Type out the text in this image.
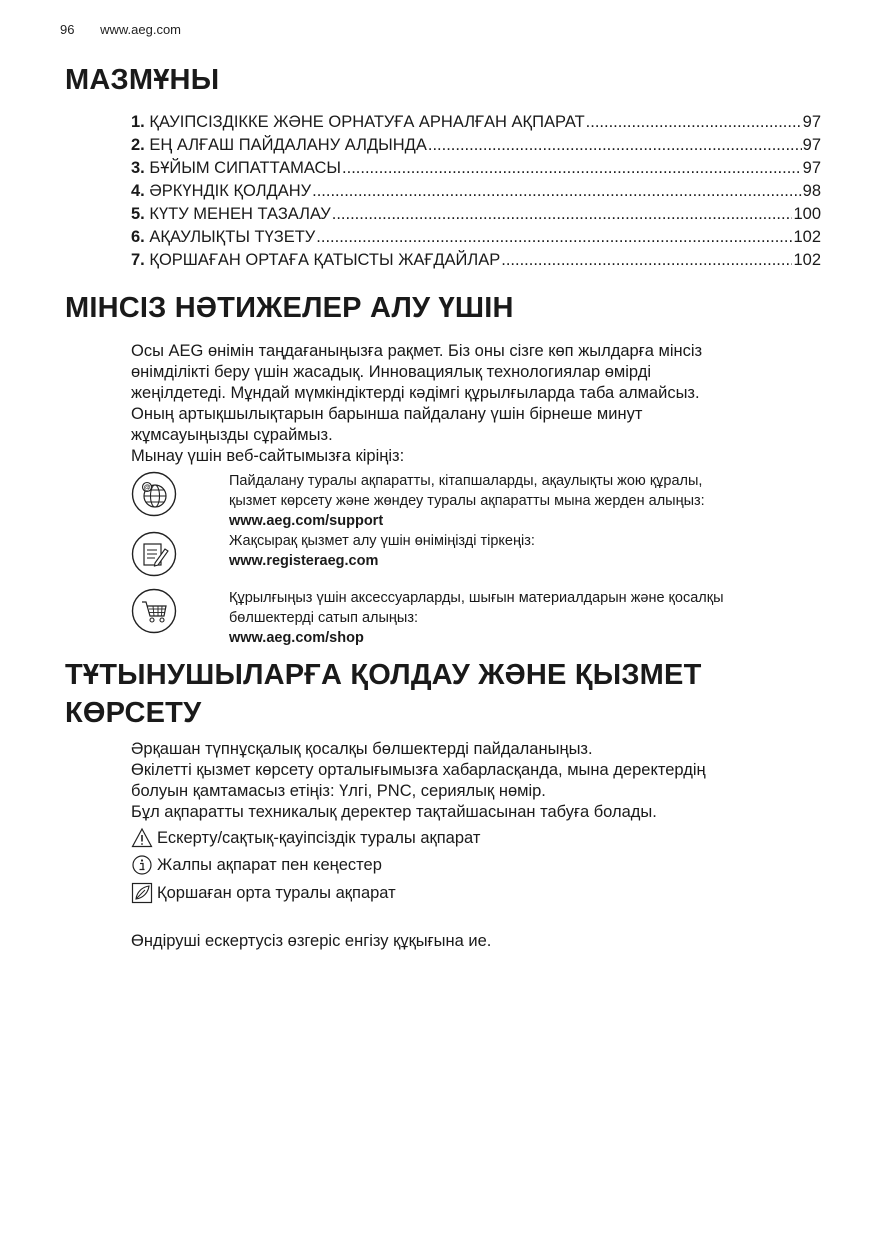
96 www.aeg.com
МАЗМҰНЫ
1. ҚАУІПСІЗДІККЕ ЖӘНЕ ОРНАТУҒА АРНАЛҒАН АҚПАРАТ .....	97
2. ЕҢ АЛҒАШ ПАЙДАЛАНУ АЛДЫНДА .....	97
3. БҰЙЫМ СИПАТТАМАСЫ .....	97
4. ӘРКҮНДІК ҚОЛДАНУ .....	98
5. КҮТУ МЕНЕН ТАЗАЛАУ .....	100
6. АҚАУЛЫҚТЫ ТҮЗЕТУ .....	102
7. ҚОРШАҒАН ОРТАҒА ҚАТЫСТЫ ЖАҒДАЙЛАР .....	102
МІНСІЗ НӘТИЖЕЛЕР АЛУ ҮШІН

Осы AEG өнімін таңдағаныңызға рақмет. Біз оны сізге көп жылдарға мінсіз

өнімділікті беру үшін жасадық. Инновациялық технологиялар өмірді

жеңілдетеді. Мұндай мүмкіндіктерді кәдімгі құрылғыларда таба алмайсыз.

Оның артықшылықтарын барынша пайдалану үшін бірнеше минут

жұмсауыңызды сұраймыз.

Мынау үшін веб-сайтымызға кіріңіз:

@	Пайдалану туралы ақпаратты, кітапшаларды, ақаулықты жою құралы,
қызмет көрсету және жөндеу туралы ақпаратты мына жерден алыңыз:
www.aeg.com/support
Жақсырақ қызмет алу үшін өніміңізді тіркеңіз:
www.registeraeg.com
Құрылғыңыз үшін аксессуарларды, шығын материалдарын және қосалқы
бөлшектерді сатып алыңыз:
www.aeg.com/shop
ТҰТЫНУШЫЛАРҒА ҚОЛДАУ ЖӘНЕ ҚЫЗМЕТ
КӨРСЕТУ

Әрқашан түпнұсқалық қосалқы бөлшектерді пайдаланыңыз.

Өкілетті қызмет көрсету орталығымызға хабарласқанда, мына деректердің

болуын қамтамасыз етіңіз: Үлгі, PNC, сериялық нөмір.

Бұл ақпаратты техникалық деректер тақтайшасынан табуға болады.

Ескерту/сақтық-қауіпсіздік туралы ақпарат
Жалпы ақпарат пен кеңестер
Қоршаған орта туралы ақпарат
Өндіруші ескертусіз өзгеріс енгізу құқығына ие.
